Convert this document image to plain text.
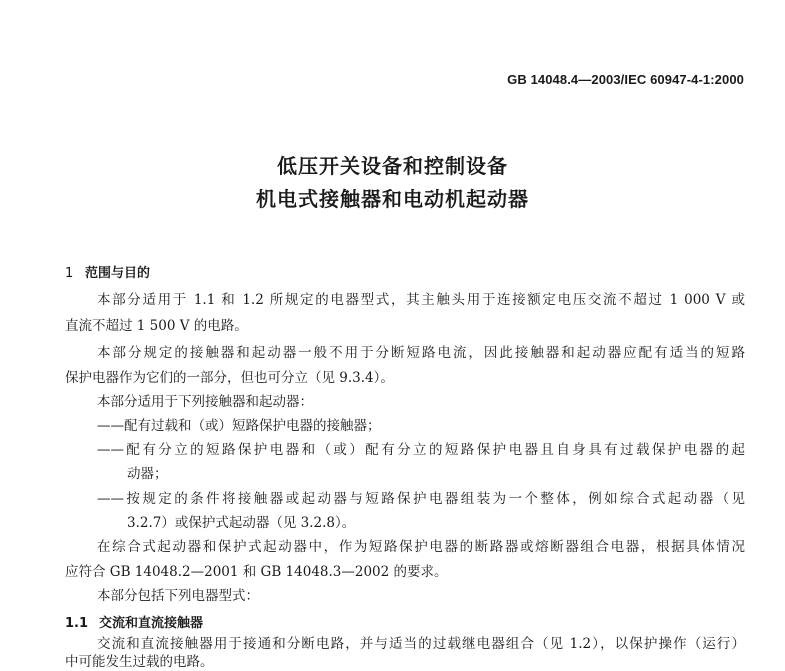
GB 14048.4—2003/IEC 60947-4-1:2000
低压开关设备和控制设备
机电式接触器和电动机起动器
1 范围与目的
本部分适用于 1.1 和 1.2 所规定的电器型式，其主触头用于连接额定电压交流不超过 1 000 V 或
直流不超过 1 500 V 的电路。
本部分规定的接触器和起动器一般不用于分断短路电流，因此接触器和起动器应配有适当的短路
保护电器作为它们的一部分，但也可分立（见 9.3.4）。
本部分适用于下列接触器和起动器：
——配有过载和（或）短路保护电器的接触器；
——配有分立的短路保护电器和（或）配有分立的短路保护电器且自身具有过载保护电器的起
动器；
——按规定的条件将接触器或起动器与短路保护电器组装为一个整体，例如综合式起动器（见
3.2.7）或保护式起动器（见 3.2.8）。
在综合式起动器和保护式起动器中，作为短路保护电器的断路器或熔断器组合电器，根据具体情况
应符合 GB 14048.2—2001 和 GB 14048.3—2002 的要求。
本部分包括下列电器型式：
1.1 交流和直流接触器
交流和直流接触器用于接通和分断电路，并与适当的过载继电器组合（见 1.2），以保护操作（运行）
中可能发生过载的电路。
